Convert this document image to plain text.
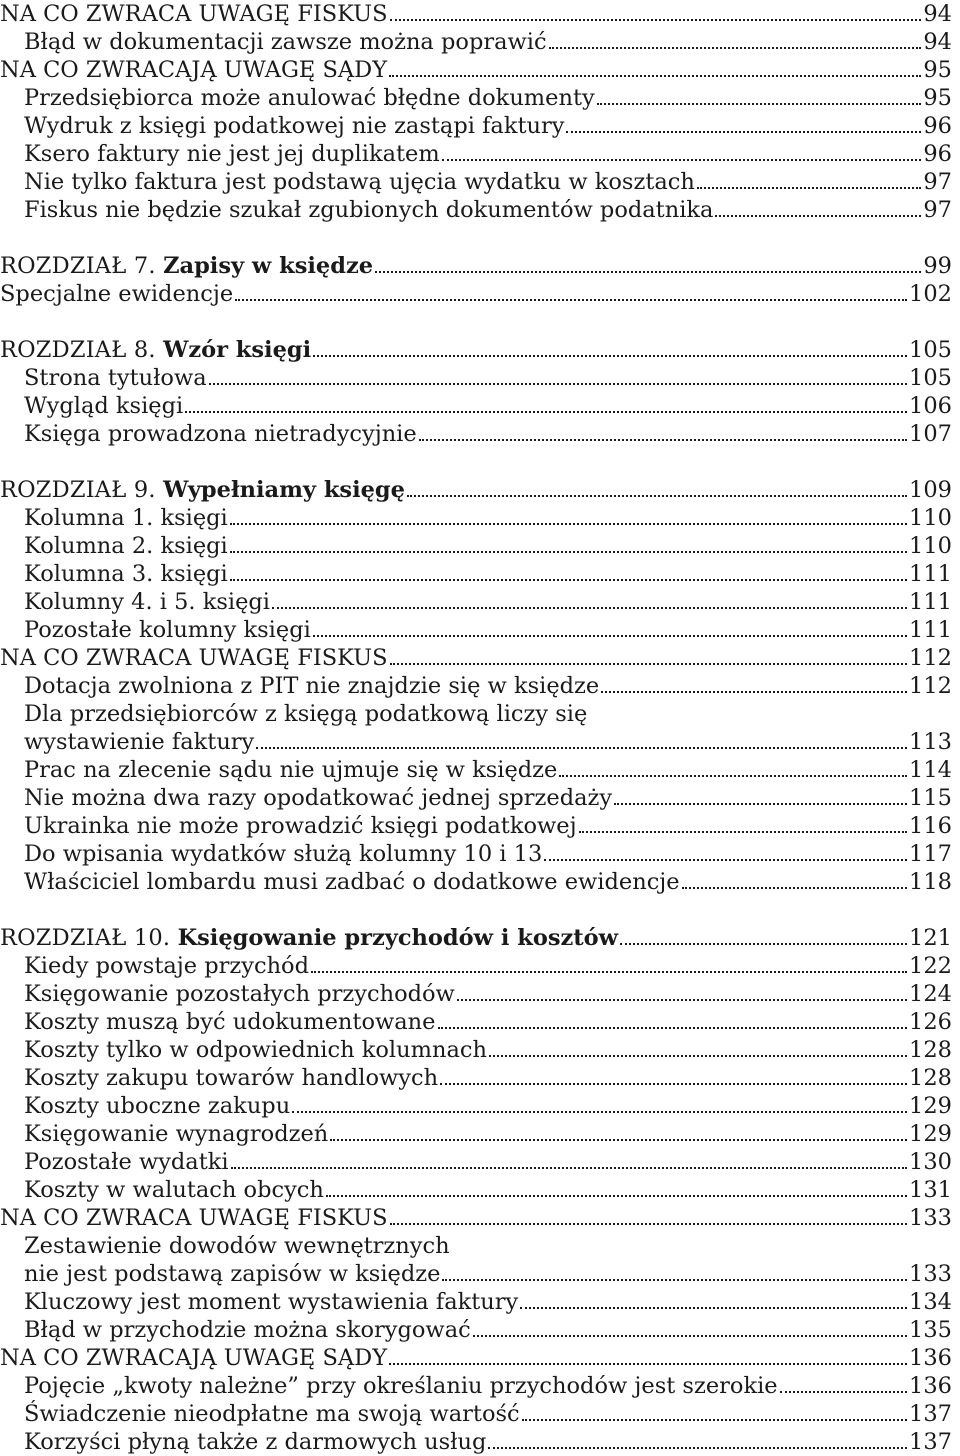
NA CO ZWRACA UWAGĘ FISKUS	94
Błąd w dokumentacji zawsze można poprawić	94
NA CO ZWRACAJĄ UWAGĘ SĄDY	95
Przedsiębiorca może anulować błędne dokumenty	95
Wydruk z księgi podatkowej nie zastąpi faktury	96
Ksero faktury nie jest jej duplikatem	96
Nie tylko faktura jest podstawą ujęcia wydatku w kosztach	97
Fiskus nie będzie szukał zgubionych dokumentów podatnika	97
ROZDZIAŁ 7. Zapisy w księdze	99
Specjalne ewidencje	102
ROZDZIAŁ 8. Wzór księgi	105
Strona tytułowa	105
Wygląd księgi	106
Księga prowadzona nietradycyjnie	107
ROZDZIAŁ 9. Wypełniamy księgę	109
Kolumna 1. księgi	110
Kolumna 2. księgi	110
Kolumna 3. księgi	111
Kolumny 4. i 5. księgi	111
Pozostałe kolumny księgi	111
NA CO ZWRACA UWAGĘ FISKUS	112
Dotacja zwolniona z PIT nie znajdzie się w księdze	112
Dla przedsiębiorców z księgą podatkową liczy się
wystawienie faktury	113
Prac na zlecenie sądu nie ujmuje się w księdze	114
Nie można dwa razy opodatkować jednej sprzedaży	115
Ukrainka nie może prowadzić księgi podatkowej	116
Do wpisania wydatków służą kolumny 10 i 13	117
Właściciel lombardu musi zadbać o dodatkowe ewidencje	118
ROZDZIAŁ 10. Księgowanie przychodów i kosztów	121
Kiedy powstaje przychód	122
Księgowanie pozostałych przychodów	124
Koszty muszą być udokumentowane	126
Koszty tylko w odpowiednich kolumnach	128
Koszty zakupu towarów handlowych	128
Koszty uboczne zakupu	129
Księgowanie wynagrodzeń	129
Pozostałe wydatki	130
Koszty w walutach obcych	131
NA CO ZWRACA UWAGĘ FISKUS	133
Zestawienie dowodów wewnętrznych
nie jest podstawą zapisów w księdze	133
Kluczowy jest moment wystawienia faktury	134
Błąd w przychodzie można skorygować	135
NA CO ZWRACAJĄ UWAGĘ SĄDY	136
Pojęcie „kwoty należne” przy określaniu przychodów jest szerokie	136
Świadczenie nieodpłatne ma swoją wartość	137
Korzyści płyną także z darmowych usług	137
